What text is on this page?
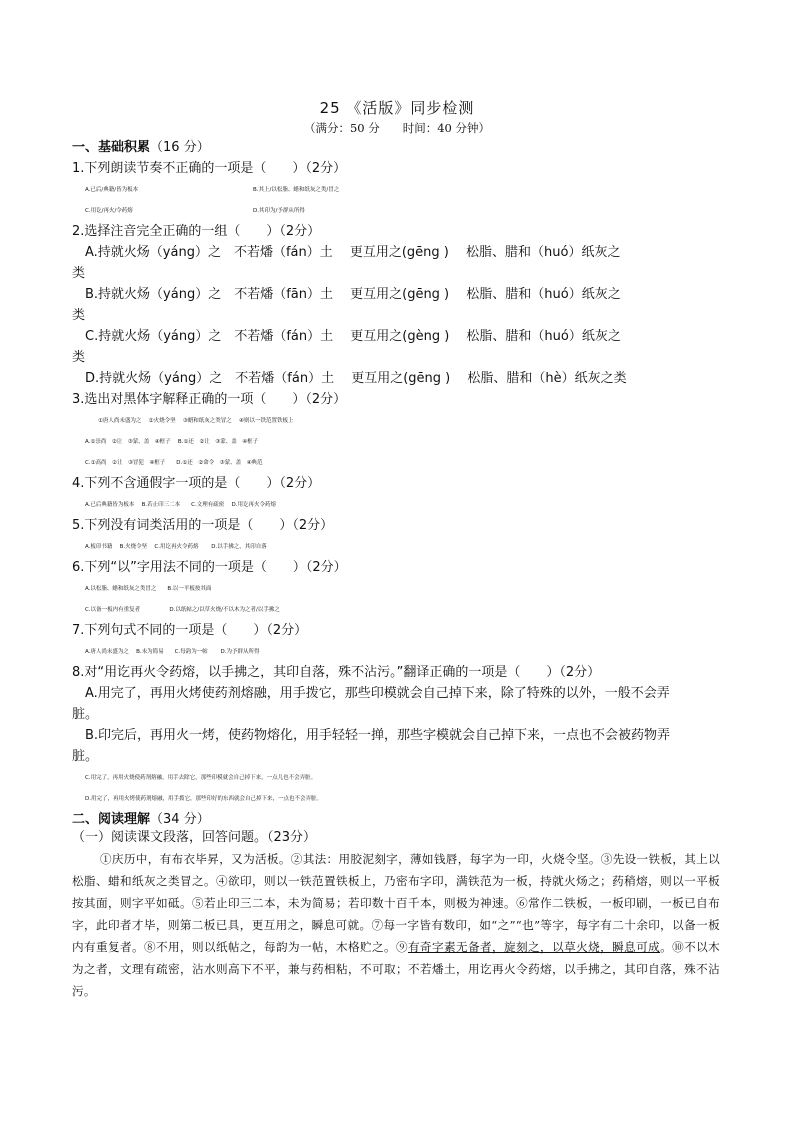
25 《活版》同步检测
（满分：50 分　　时间：40 分钟）
一、基础积累（16 分）
1.下列朗读节奏不正确的一项是（　　）（2分）
A.已后/典籍/皆为板本	B.其上/以松脂、蜡和纸灰之类/冒之
C.用讫/再火/令药熔	D.其印为/予群从所得
2.选择注音完全正确的一组（　　）（2分）
A.持就火炀（yáng）之　不若燔（fán）土　 更互用之(gēng )　 松脂、腊和（huó）纸灰之
类
B.持就火炀（yáng）之　不若燔（fān）土　 更互用之(gēng )　 松脂、腊和（huó）纸灰之
类
C.持就火炀（yáng）之　不若燔（fán）土　 更互用之(gèng )　 松脂、腊和（huó）纸灰之
类
D.持就火炀（yáng）之　不若燔（fán）土　 更互用之(gēng )　 松脂、腊和（hè）纸灰之类
3.选出对黑体字解释正确的一项（　　）（2分）
①唐人尚未盛为之　 ②火烧令坚　 ③蜡和纸灰之类冒之　 ④则以一铁范置铁板上
A.①崇尚　②让　③蒙、盖　④框子　 B.①还　②让　③蒙、盖　④框子
C.①高尚　②让　③冒犯　④框子　　D.①还　②命令　③蒙、盖　④典范
4.下列不含通假字一项的是（　　）（2分）
A.已后典籍皆为板本　 B.若止印三二本　　C.文理有疏密　 D.用讫再火令药熔
5.下列没有词类活用的一项是（　　）（2分）
A.板印书籍　 B.火烧令坚　 C.用讫再火令药熔　　 D.以手拂之，其印自落
6.下列“以”字用法不同的一项是（　　）（2分）
A.以松脂、蜡和纸灰之类冒之　　B.以一平板按其面
C.以备一板内有重复者　　　　　 D.以纸帖之/以草火烧/不以木为之者/以手拂之
7.下列句式不同的一项是（　　）（2分）
A.唐人尚未盛为之　 B.未为简易　　C.每韵为一帖　　 D.为予群从所得
8.对“用讫再火令药熔，以手拂之，其印自落，殊不沾污。”翻译正确的一项是（　　）（2分）
A.用完了，再用火烤使药剂熔融，用手拨它，那些印模就会自己掉下来，除了特殊的以外，一般不会弄
脏。
B.印完后，再用火一烤，使药物熔化，用手轻轻一掸，那些字模就会自己掉下来，一点也不会被药物弄
脏。
C.用完了，再用火烧使药剂熔融，用手去除它，那些印模就会自己掉下来，一点儿也不会弄脏。
D.用完了，再用火烤使药剂熔融，用手拨它，那些印好的东西就会自己掉下来，一点也不会弄脏。
二、阅读理解（34 分）
（一）阅读课文段落，回答问题。（23分）
①庆历中，有布衣毕昇，又为活板。②其法：用胶泥刻字，薄如钱唇，每字为一印，火烧令坚。③先设一铁板，其上以松脂、蜡和纸灰之类冒之。④欲印，则以一铁范置铁板上，乃密布字印，满铁范为一板，持就火炀之；药稍熔，则以一平板按其面，则字平如砥。⑤若止印三二本，未为简易；若印数十百千本，则极为神速。⑥常作二铁板，一板印刷，一板已自布字，此印者才毕，则第二板已具，更互用之，瞬息可就。⑦每一字皆有数印，如“之”“也”等字，每字有二十余印，以备一板内有重复者。⑧不用，则以纸帖之，每韵为一帖，木格贮之。⑨有奇字素无备者，旋刻之，以草火烧，瞬息可成。⑩不以木为之者，文理有疏密，沾水则高下不平，兼与药相粘，不可取；不若燔土，用讫再火令药熔，以手拂之，其印自落，殊不沾污。
